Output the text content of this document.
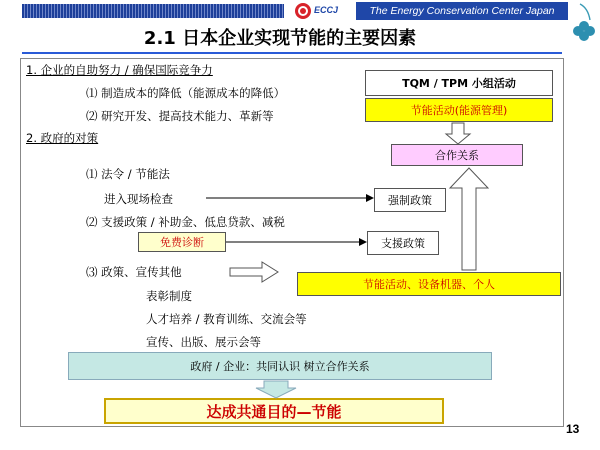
ECCJ	The Energy Conservation Center Japan
2.1 日本企业实现节能的主要因素
1. 企业的自助努力 / 确保国际竞争力
⑴ 制造成本的降低（能源成本的降低）
⑵ 研究开发、提高技术能力、革新等
2. 政府的对策
⑴ 法令 / 节能法
进入现场检查
⑵ 支援政策 / 补助金、低息贷款、减税
免费诊断
⑶ 政策、宣传其他
表彰制度
人才培养 / 教育训练、交流会等
宣传、出版、展示会等
TQM / TPM 小组活动
节能活动(能源管理)
合作关系
强制政策
支援政策
节能活动、设备机器、个人
政府 / 企业：共同认识 树立合作关系
达成共通目的—节能
13
